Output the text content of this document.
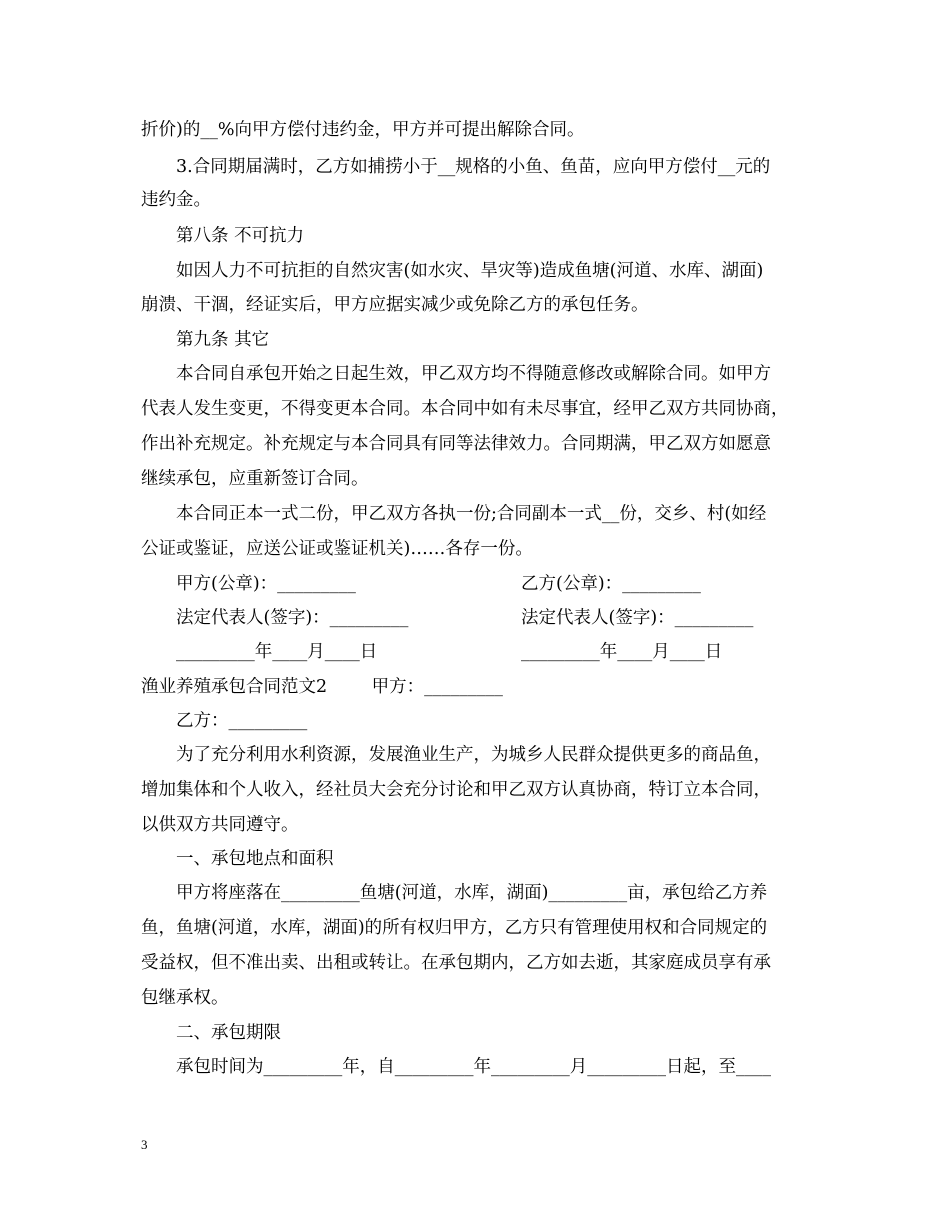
折价)的__%向甲方偿付违约金，甲方并可提出解除合同。
3.合同期届满时，乙方如捕捞小于__规格的小鱼、鱼苗，应向甲方偿付__元的
违约金。
第八条 不可抗力
如因人力不可抗拒的自然灾害(如水灾、旱灾等)造成鱼塘(河道、水库、湖面)
崩溃、干涸，经证实后，甲方应据实减少或免除乙方的承包任务。
第九条 其它
本合同自承包开始之日起生效，甲乙双方均不得随意修改或解除合同。如甲方
代表人发生变更，不得变更本合同。本合同中如有未尽事宜，经甲乙双方共同协商，
作出补充规定。补充规定与本合同具有同等法律效力。合同期满，甲乙双方如愿意
继续承包，应重新签订合同。
本合同正本一式二份，甲乙双方各执一份;合同副本一式__份，交乡、村(如经
公证或鉴证，应送公证或鉴证机关)……各存一份。
甲方(公章)：_________	乙方(公章)：_________
法定代表人(签字)：_________	法定代表人(签字)：_________
_________年____月____日	_________年____月____日
渔业养殖承包合同范文2        甲方：_________
乙方：_________
为了充分利用水利资源，发展渔业生产，为城乡人民群众提供更多的商品鱼，
增加集体和个人收入，经社员大会充分讨论和甲乙双方认真协商，特订立本合同，
以供双方共同遵守。
一、承包地点和面积
甲方将座落在_________鱼塘(河道，水库，湖面)_________亩，承包给乙方养
鱼，鱼塘(河道，水库，湖面)的所有权归甲方，乙方只有管理使用权和合同规定的
受益权，但不准出卖、出租或转让。在承包期内，乙方如去逝，其家庭成员享有承
包继承权。
二、承包期限
承包时间为_________年，自_________年_________月_________日起，至____
3
